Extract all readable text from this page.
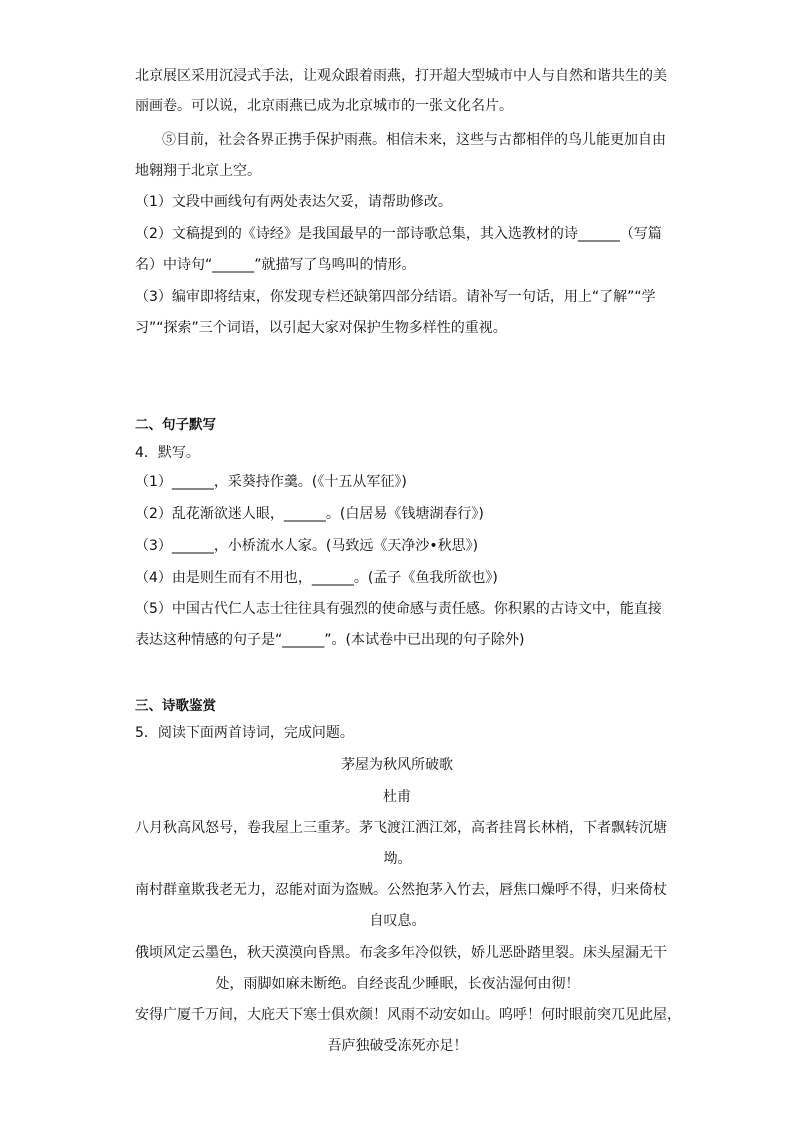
北京展区采用沉浸式手法，让观众跟着雨燕，打开超大型城市中人与自然和谐共生的美
丽画卷。可以说，北京雨燕已成为北京城市的一张文化名片。
⑤目前，社会各界正携手保护雨燕。相信未来，这些与古都相伴的鸟儿能更加自由
地翱翔于北京上空。
（1）文段中画线句有两处表达欠妥，请帮助修改。
（2）文稿提到的《诗经》是我国最早的一部诗歌总集，其入选教材的诗______（写篇
名）中诗句“______”就描写了鸟鸣叫的情形。
（3）编审即将结束，你发现专栏还缺第四部分结语。请补写一句话，用上“了解”“学
习”“探索”三个词语，以引起大家对保护生物多样性的重视。
二、句子默写
4．默写。
（1）______，采葵持作羹。(《十五从军征》)
（2）乱花渐欲迷人眼，______。(白居易《钱塘湖春行》)
（3）______，小桥流水人家。(马致远《天净沙•秋思》)
（4）由是则生而有不用也，______。(孟子《鱼我所欲也》)
（5）中国古代仁人志士往往具有强烈的使命感与责任感。你积累的古诗文中，能直接
表达这种情感的句子是“______”。(本试卷中已出现的句子除外)
三、诗歌鉴赏
5．阅读下面两首诗词，完成问题。
茅屋为秋风所破歌
杜甫
八月秋高风怒号，卷我屋上三重茅。茅飞渡江洒江郊，高者挂罥长林梢，下者飘转沉塘
坳。
南村群童欺我老无力，忍能对面为盗贼。公然抱茅入竹去，唇焦口燥呼不得，归来倚杖
自叹息。
俄顷风定云墨色，秋天漠漠向昏黑。布衾多年冷似铁，娇儿恶卧踏里裂。床头屋漏无干
处，雨脚如麻未断绝。自经丧乱少睡眠，长夜沾湿何由彻！
安得广厦千万间，大庇天下寒士俱欢颜！风雨不动安如山。呜呼！何时眼前突兀见此屋，
吾庐独破受冻死亦足！
